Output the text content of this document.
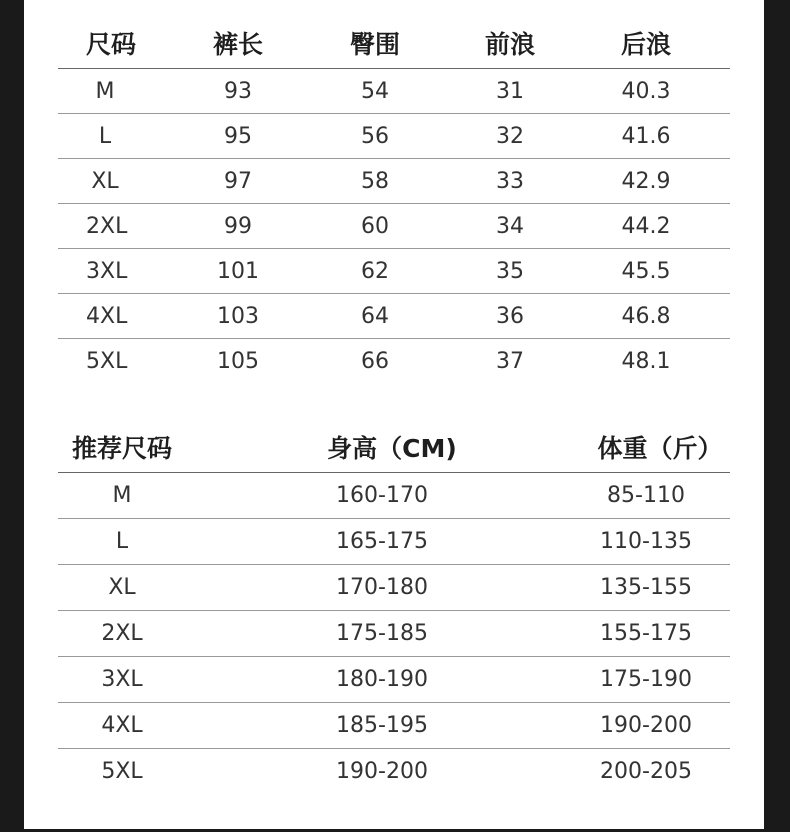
尺码	裤长	臀围	前浪	后浪
M	93	54	31	40.3
L	95	56	32	41.6
XL	97	58	33	42.9
2XL	99	60	34	44.2
3XL	101	62	35	45.5
4XL	103	64	36	46.8
5XL	105	66	37	48.1
推荐尺码	身高（CM)	体重（斤）
M	160-170	85-110
L	165-175	110-135
XL	170-180	135-155
2XL	175-185	155-175
3XL	180-190	175-190
4XL	185-195	190-200
5XL	190-200	200-205
